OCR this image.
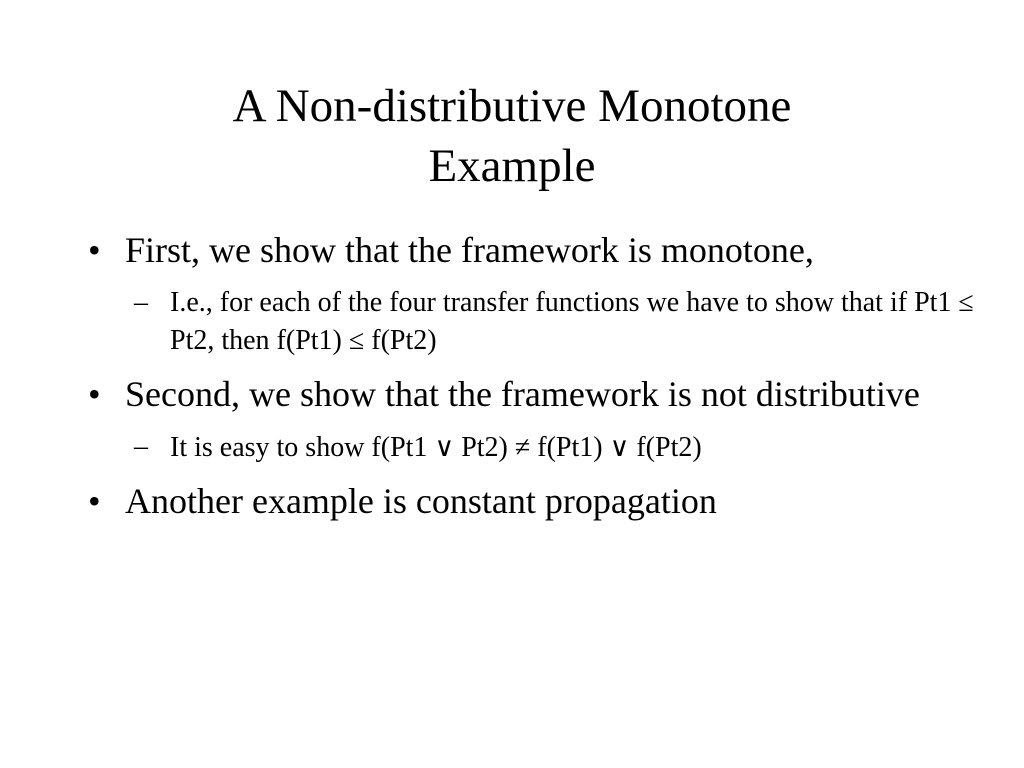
A Non-distributive Monotone
Example
• First, we show that the framework is monotone,
– I.e., for each of the four transfer functions we have to show that if Pt1 ≤ Pt2, then f(Pt1) ≤ f(Pt2)
• Second, we show that the framework is not distributive
– It is easy to show f(Pt1 ∨ Pt2) ≠ f(Pt1) ∨ f(Pt2)
• Another example is constant propagation
